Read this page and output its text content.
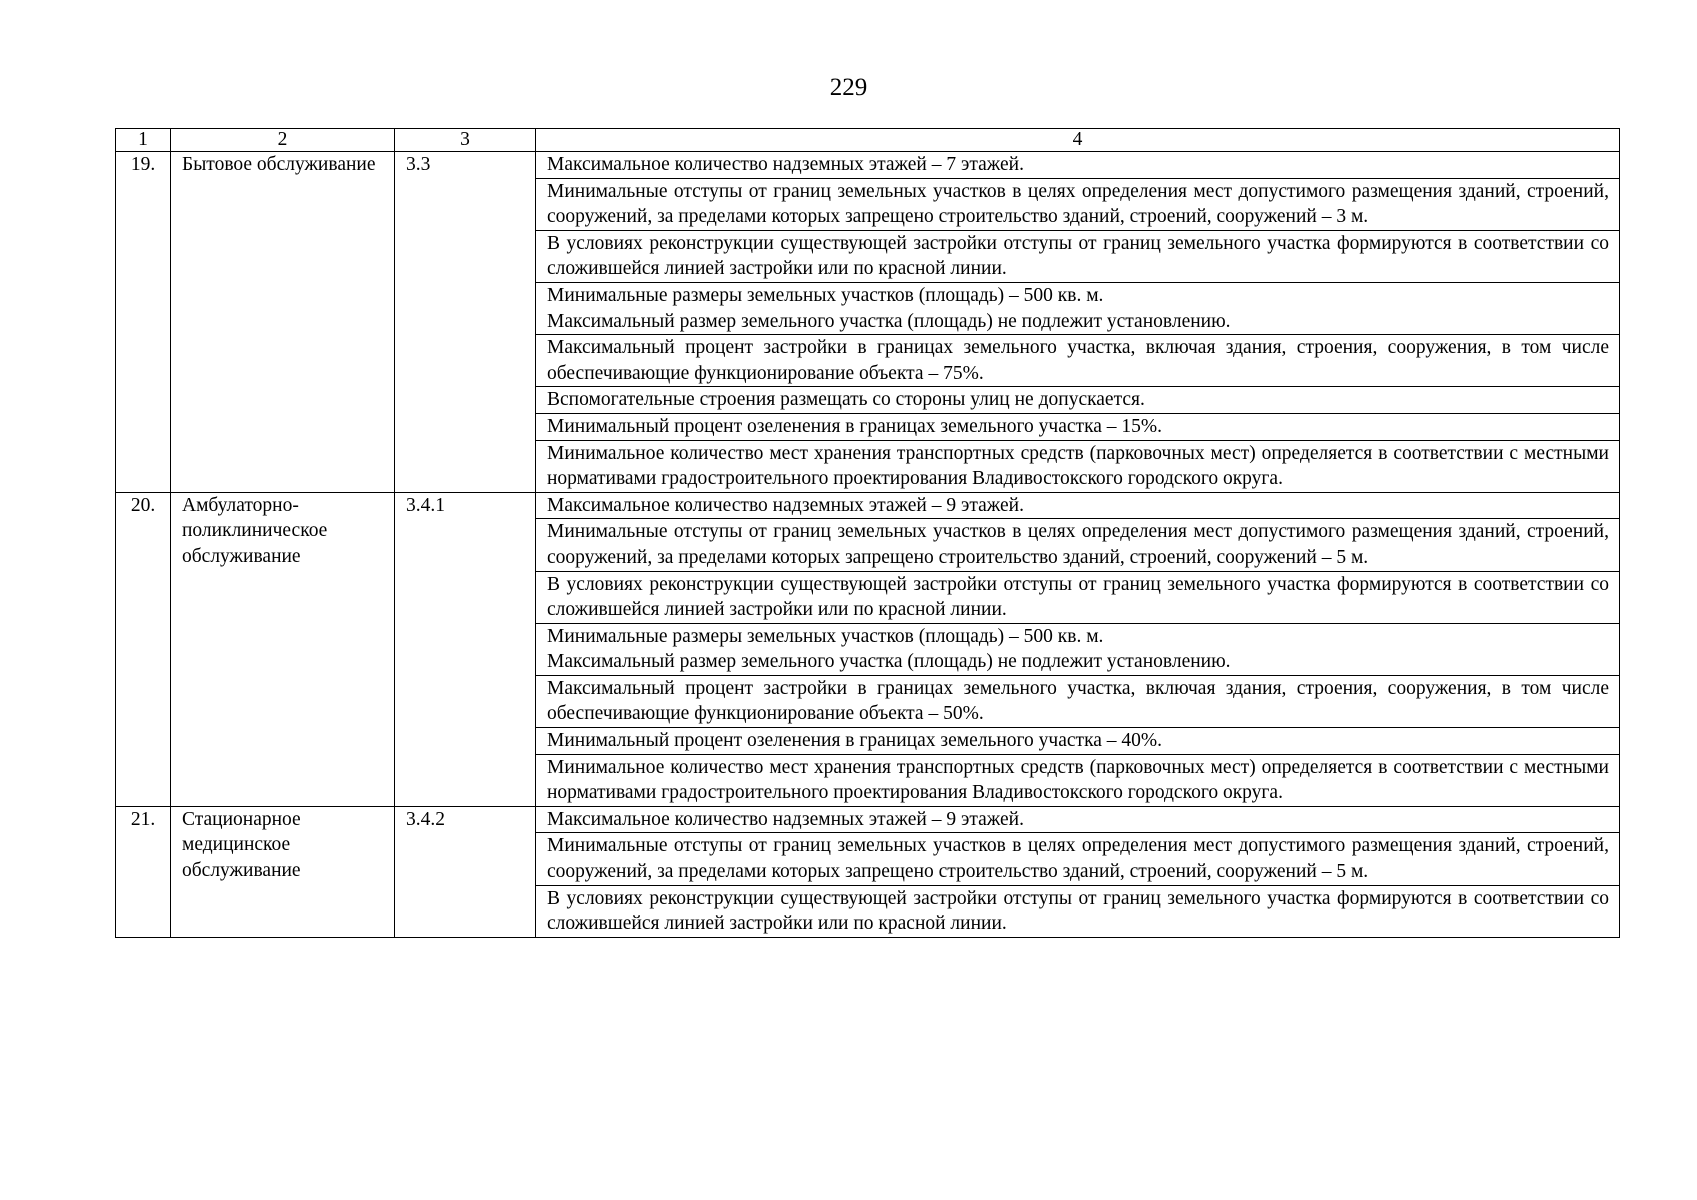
229
1	2	3	4
19.	Бытовое обслуживание	3.3	Максимальное количество надземных этажей – 7 этажей.
			Минимальные отступы от границ земельных участков в целях определения мест допустимого размещения зданий, строений, сооружений, за пределами которых запрещено строительство зданий, строений, сооружений – 3 м.
			В условиях реконструкции существующей застройки отступы от границ земельного участка формируются в соответствии со сложившейся линией застройки или по красной линии.
			Минимальные размеры земельных участков (площадь) – 500 кв. м.
Максимальный размер земельного участка (площадь) не подлежит установлению.
			Максимальный процент застройки в границах земельного участка, включая здания, строения, сооружения, в том числе обеспечивающие функционирование объекта – 75%.
			Вспомогательные строения размещать со стороны улиц не допускается.
			Минимальный процент озеленения в границах земельного участка – 15%.
			Минимальное количество мест хранения транспортных средств (парковочных мест) определяется в соответствии с местными нормативами градостроительного проектирования Владивостокского городского округа.
20.	Амбулаторно-поликлиническое обслуживание	3.4.1	Максимальное количество надземных этажей – 9 этажей.
			Минимальные отступы от границ земельных участков в целях определения мест допустимого размещения зданий, строений, сооружений, за пределами которых запрещено строительство зданий, строений, сооружений – 5 м.
			В условиях реконструкции существующей застройки отступы от границ земельного участка формируются в соответствии со сложившейся линией застройки или по красной линии.
			Минимальные размеры земельных участков (площадь) – 500 кв. м.
Максимальный размер земельного участка (площадь) не подлежит установлению.
			Максимальный процент застройки в границах земельного участка, включая здания, строения, сооружения, в том числе обеспечивающие функционирование объекта – 50%.
			Минимальный процент озеленения в границах земельного участка – 40%.
			Минимальное количество мест хранения транспортных средств (парковочных мест) определяется в соответствии с местными нормативами градостроительного проектирования Владивостокского городского округа.
21.	Стационарное медицинское обслуживание	3.4.2	Максимальное количество надземных этажей – 9 этажей.
			Минимальные отступы от границ земельных участков в целях определения мест допустимого размещения зданий, строений, сооружений, за пределами которых запрещено строительство зданий, строений, сооружений – 5 м.
			В условиях реконструкции существующей застройки отступы от границ земельного участка формируются в соответствии со сложившейся линией застройки или по красной линии.
